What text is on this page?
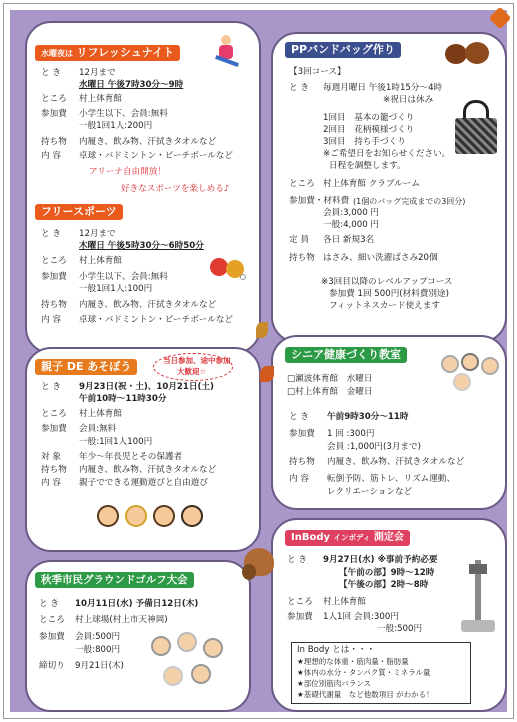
水曜夜は リフレッシュナイト
と き 12月まで
水曜日 午後7時30分～9時
ところ 村上体育館
参加費 小学生以下、会員:無料
一般1回1人:200円
持ち物 内履き、飲み物、汗拭きタオルなど
内 容 卓球・バドミントン・ビーチボールなど
アリーナ自由開放！
好きなスポーツを楽しめる♪
フリースポーツ
と き 12月まで
木曜日 午後5時30分～6時50分
ところ 村上体育館
参加費 小学生以下、会員:無料
一般1回1人:100円
持ち物 内履き、飲み物、汗拭きタオルなど
内 容 卓球・バドミントン・ビーチボールなど
PPバンドバッグ作り
【3回コース】
と き 毎週月曜日 午後1時15分～4時
※祝日は休み
1回目　基本の籠づくり
2回目　花柄模様づくり
3回目　持ち手づくり
※ご希望日をお知らせください。
日程を調整します。
ところ 村上体育館 クラブルーム
参加費・材料費 (1個のバッグ完成までの3回分)
会員:3,000 円
一般:4,000 円
定 員 各日 新規3名
持ち物 はさみ、細い洗濯ばさみ20個
※3回目以降のレベルアップコース
参加費 1回 500円(材料費別途)
フィットネスカード使えます
親子 DE あそぼう	当日参加、途中参加
大歓迎☆
と き 9月23日(祝・土)、10月21日(土)
午前10時～11時30分
ところ 村上体育館
参加費 会員:無料
一般:1回1人100円
対 象 年少～年長児とその保護者
持ち物 内履き、飲み物、汗拭きタオルなど
内 容 親子でできる運動遊びと自由遊び
シニア健康づくり教室
□瀬波体育館　水曜日
□村上体育館　金曜日
と き 午前9時30分～11時
参加費 1 回 :300円
会員 :1,000円(3月まで)
持ち物 内履き、飲み物、汗拭きタオルなど
内 容 転倒予防、筋トレ、リズム運動、
レクリエーションなど
秋季市民グラウンドゴルフ大会
と き 10月11日(水) 予備日12日(木)
ところ 村上球場(村上市天神岡)
参加費 会員:500円
一般:800円
締切り 9月21日(木)
InBody インボディ 測定会
と き 9月27日(水) ※事前予約必要
【午前の部】9時～12時
【午後の部】2時～8時
ところ 村上体育館
参加費 1人1回 会員:300円
一般:500円
In Body とは・・・
★理想的な体重・筋肉量・脂肪量
★体内の水分・タンパク質・ミネラル量
★部位別筋肉バランス
★基礎代謝量　など他数項目 がわかる！
